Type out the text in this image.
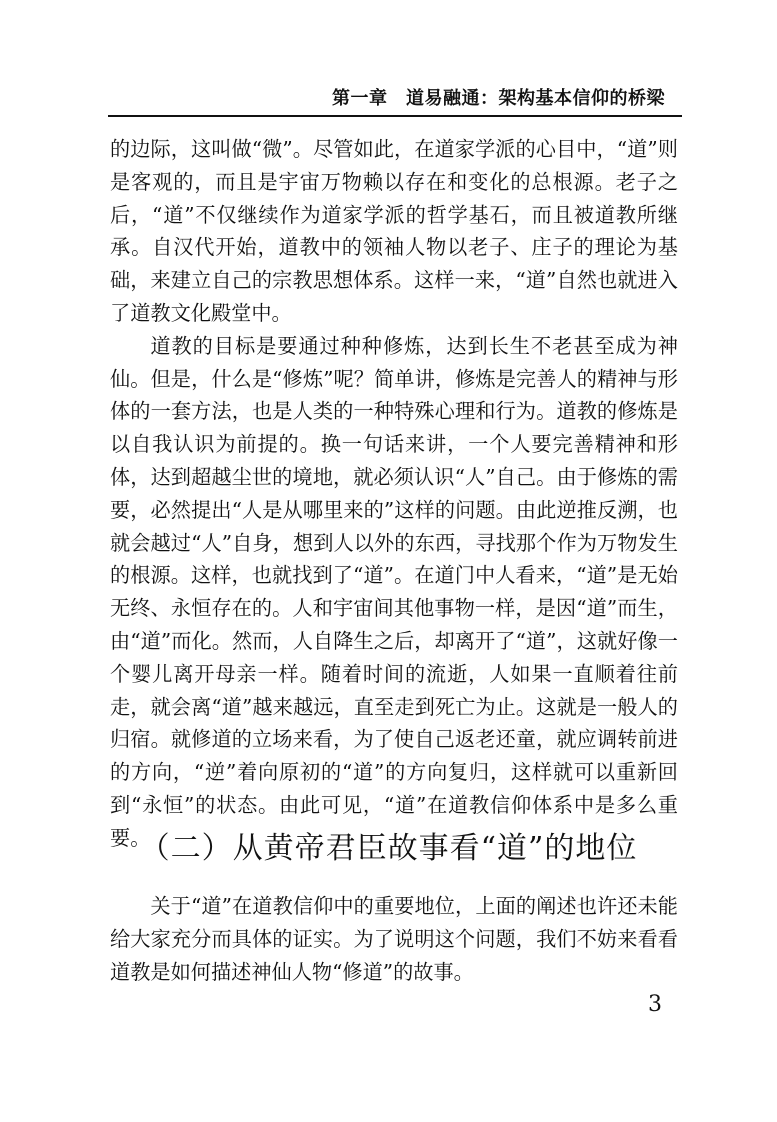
第一章　道易融通：架构基本信仰的桥梁

的边际，这叫做“微”。尽管如此，在道家学派的心目中，“道”则是客观的，而且是宇宙万物赖以存在和变化的总根源。老子之后，“道”不仅继续作为道家学派的哲学基石，而且被道教所继承。自汉代开始，道教中的领袖人物以老子、庄子的理论为基础，来建立自己的宗教思想体系。这样一来，“道”自然也就进入了道教文化殿堂中。

道教的目标是要通过种种修炼，达到长生不老甚至成为神仙。但是，什么是“修炼”呢？简单讲，修炼是完善人的精神与形体的一套方法，也是人类的一种特殊心理和行为。道教的修炼是以自我认识为前提的。换一句话来讲，一个人要完善精神和形体，达到超越尘世的境地，就必须认识“人”自己。由于修炼的需要，必然提出“人是从哪里来的”这样的问题。由此逆推反溯，也就会越过“人”自身，想到人以外的东西，寻找那个作为万物发生的根源。这样，也就找到了“道”。在道门中人看来，“道”是无始无终、永恒存在的。人和宇宙间其他事物一样，是因“道”而生，由“道”而化。然而，人自降生之后，却离开了“道”，这就好像一个婴儿离开母亲一样。随着时间的流逝，人如果一直顺着往前走，就会离“道”越来越远，直至走到死亡为止。这就是一般人的归宿。就修道的立场来看，为了使自己返老还童，就应调转前进的方向，“逆”着向原初的“道”的方向复归，这样就可以重新回到“永恒”的状态。由此可见，“道”在道教信仰体系中是多么重要。

（二）从黄帝君臣故事看“道”的地位

关于“道”在道教信仰中的重要地位，上面的阐述也许还未能给大家充分而具体的证实。为了说明这个问题，我们不妨来看看道教是如何描述神仙人物“修道”的故事。

3
